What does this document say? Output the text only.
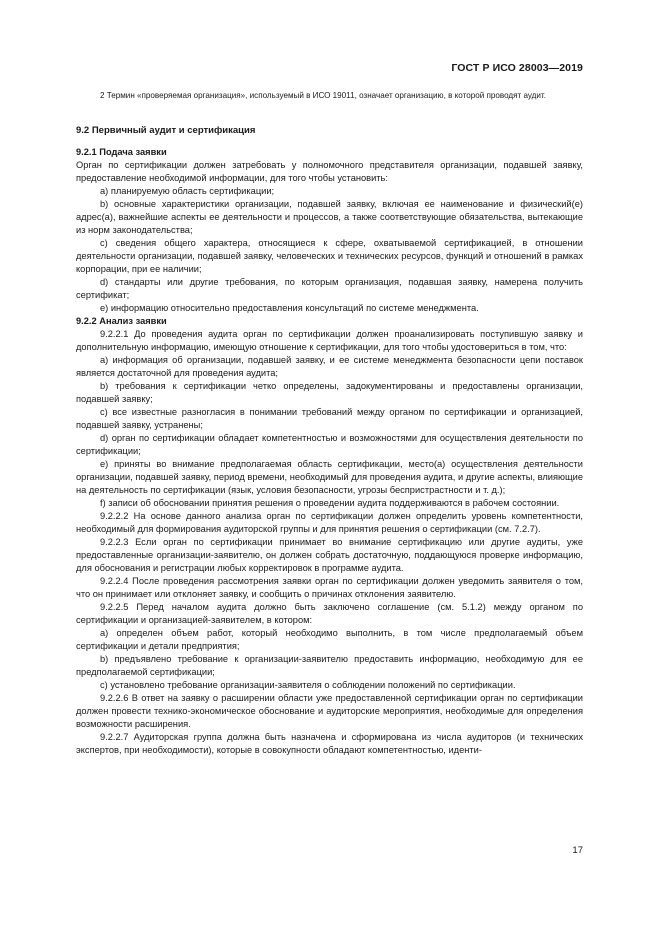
ГОСТ Р ИСО 28003—2019

2 Термин «проверяемая организация», используемый в ИСО 19011, означает организацию, в которой проводят аудит.

9.2 Первичный аудит и сертификация

9.2.1 Подача заявки

Орган по сертификации должен затребовать у полномочного представителя организации, подавшей заявку, предоставление необходимой информации, для того чтобы установить:

a) планируемую область сертификации;

b) основные характеристики организации, подавшей заявку, включая ее наименование и физический(е) адрес(а), важнейшие аспекты ее деятельности и процессов, а также соответствующие обязательства, вытекающие из норм законодательства;

c) сведения общего характера, относящиеся к сфере, охватываемой сертификацией, в отношении деятельности организации, подавшей заявку, человеческих и технических ресурсов, функций и отношений в рамках корпорации, при ее наличии;

d) стандарты или другие требования, по которым организация, подавшая заявку, намерена получить сертификат;

e) информацию относительно предоставления консультаций по системе менеджмента.

9.2.2 Анализ заявки

9.2.2.1 До проведения аудита орган по сертификации должен проанализировать поступившую заявку и дополнительную информацию, имеющую отношение к сертификации, для того чтобы удостовериться в том, что:

a) информация об организации, подавшей заявку, и ее системе менеджмента безопасности цепи поставок является достаточной для проведения аудита;

b) требования к сертификации четко определены, задокументированы и предоставлены организации, подавшей заявку;

c) все известные разногласия в понимании требований между органом по сертификации и организацией, подавшей заявку, устранены;

d) орган по сертификации обладает компетентностью и возможностями для осуществления деятельности по сертификации;

e) приняты во внимание предполагаемая область сертификации, место(а) осуществления деятельности организации, подавшей заявку, период времени, необходимый для проведения аудита, и другие аспекты, влияющие на деятельность по сертификации (язык, условия безопасности, угрозы беспристрастности и т. д.);

f) записи об обосновании принятия решения о проведении аудита поддерживаются в рабочем состоянии.

9.2.2.2 На основе данного анализа орган по сертификации должен определить уровень компетентности, необходимый для формирования аудиторской группы и для принятия решения о сертификации (см. 7.2.7).

9.2.2.3 Если орган по сертификации принимает во внимание сертификацию или другие аудиты, уже предоставленные организации-заявителю, он должен собрать достаточную, поддающуюся проверке информацию, для обоснования и регистрации любых корректировок в программе аудита.

9.2.2.4 После проведения рассмотрения заявки орган по сертификации должен уведомить заявителя о том, что он принимает или отклоняет заявку, и сообщить о причинах отклонения заявителю.

9.2.2.5 Перед началом аудита должно быть заключено соглашение (см. 5.1.2) между органом по сертификации и организацией-заявителем, в котором:

a) определен объем работ, который необходимо выполнить, в том числе предполагаемый объем сертификации и детали предприятия;

b) предъявлено требование к организации-заявителю предоставить информацию, необходимую для ее предполагаемой сертификации;

c) установлено требование организации-заявителя о соблюдении положений по сертификации.

9.2.2.6 В ответ на заявку о расширении области уже предоставленной сертификации орган по сертификации должен провести технико-экономическое обоснование и аудиторские мероприятия, необходимые для определения возможности расширения.

9.2.2.7 Аудиторская группа должна быть назначена и сформирована из числа аудиторов (и технических экспертов, при необходимости), которые в совокупности обладают компетентностью, иденти-

17
